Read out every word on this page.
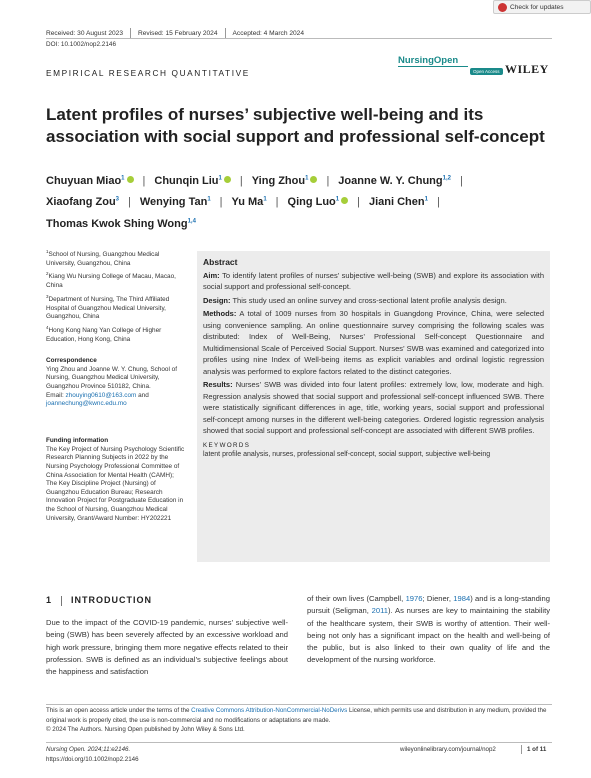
Check for updates
Received: 30 August 2023 Revised: 15 February 2024 Accepted: 4 March 2024
DOI: 10.1002/nop2.2146
EMPIRICAL RESEARCH QUANTITATIVE
NursingOpen
Open Access WILEY
Latent profiles of nurses’ subjective well-being and its association with social support and professional self-concept
Chuyuan Miao$^1$ | Chunqin Liu$^1$ | Ying Zhou$^1$ | Joanne W. Y. Chung$^{1,2}$ |
Xiaofang Zou$^3$ | Wenying Tan$^1$ | Yu Ma$^1$ | Qing Luo$^1$ | Jiani Chen$^1$ |
Thomas Kwok Shing Wong$^{1,4}$
$^1$School of Nursing, Guangzhou Medical University, Guangzhou, China
$^2$Kiang Wu Nursing College of Macau, Macao, China
$^3$Department of Nursing, The Third Affiliated Hospital of Guangzhou Medical University, Guangzhou, China
$^4$Hong Kong Nang Yan College of Higher Education, Hong Kong, China
Correspondence
Ying Zhou and Joanne W. Y. Chung, School of Nursing, Guangzhou Medical University, Guangzhou Province 510182, China.
Email: zhouying0610@163.com and
joannechung@kwnc.edu.mo
Funding information
The Key Project of Nursing Psychology Scientific Research Planning Subjects in 2022 by the Nursing Psychology Professional Committee of China Association for Mental Health (CAMH); The Key Discipline Project (Nursing) of Guangzhou Education Bureau; Research Innovation Project for Postgraduate Education in the School of Nursing, Guangzhou Medical University, Grant/Award Number: HY202221
Abstract

Aim: To identify latent profiles of nurses’ subjective well-being (SWB) and explore its association with social support and professional self-concept.

Design: This study used an online survey and cross-sectional latent profile analysis design.

Methods: A total of 1009 nurses from 30 hospitals in Guangdong Province, China, were selected using convenience sampling. An online questionnaire survey comprising the following scales was distributed: Index of Well-Being, Nurses’ Professional Self-concept Questionnaire and Multidimensional Scale of Perceived Social Support. Nurses’ SWB was examined and categorized into profiles using nine Index of Well-being items as explicit variables and ordinal logistic regression analysis was performed to explore factors related to the distinct categories.

Results: Nurses’ SWB was divided into four latent profiles: extremely low, low, moderate and high. Regression analysis showed that social support and professional self-concept influenced SWB. There were statistically significant differences in age, title, working years, social support and professional self-concept among nurses in the different well-being categories. Ordered logistic regression analysis showed that social support and professional self-concept are associated with different SWB profiles.

KEYWORDS
latent profile analysis, nurses, professional self-concept, social support, subjective well-being
1 INTRODUCTION
Due to the impact of the COVID-19 pandemic, nurses’ subjective well-being (SWB) has been severely affected by an excessive workload and high work pressure, bringing them more negative effects related to their profession. SWB is defined as an individual’s subjective feelings about the happiness and satisfaction
of their own lives (Campbell, 1976; Diener, 1984) and is a long-standing pursuit (Seligman, 2011). As nurses are key to maintaining the stability of the healthcare system, their SWB is worthy of attention. Their well-being not only has a significant impact on the health and well-being of the public, but is also linked to their own quality of life and the development of the nursing workforce.
This is an open access article under the terms of the Creative Commons Attribution-NonCommercial-NoDerivs License, which permits use and distribution in any medium, provided the original work is properly cited, the use is non-commercial and no modifications or adaptations are made.
© 2024 The Authors. Nursing Open published by John Wiley & Sons Ltd.
Nursing Open. 2024;11:e2146.
https://doi.org/10.1002/nop2.2146
wileyonlinelibrary.com/journal/nop2	1 of 11
